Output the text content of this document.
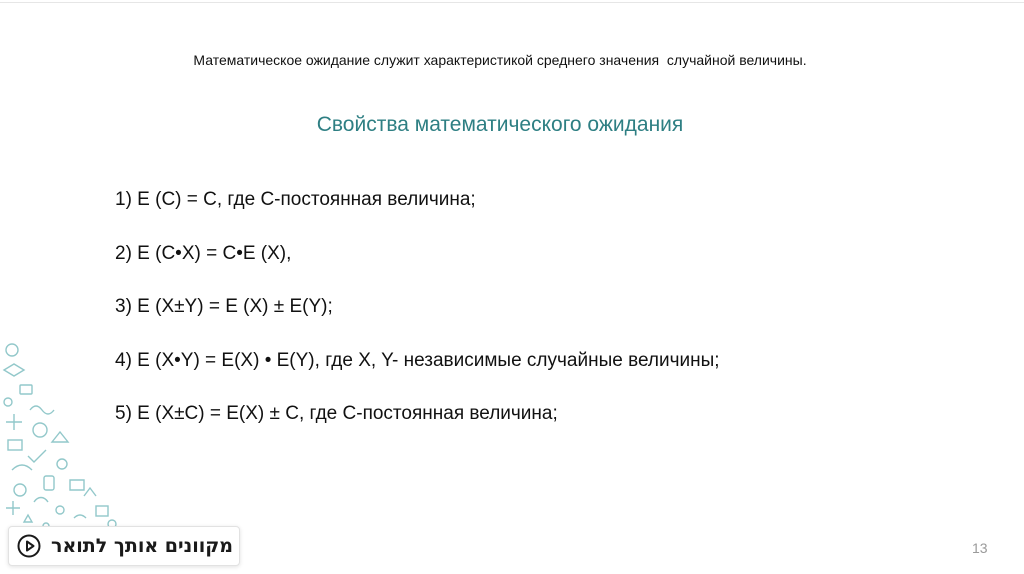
Математическое ожидание служит характеристикой среднего значения  случайной величины.
Свойства математического ожидания
1) E (C) = C, где C-постоянная величина;
2) E (C•X) = C•E (X),
3) E (X±Y) = E (X) ± E(Y);
4) E (X•Y) = E(X) • E(Y), где X, Y- независимые случайные величины;
5) E (X±C) = E(X) ± C, где C-постоянная величина;
מקוונים אותך לתואר	13
